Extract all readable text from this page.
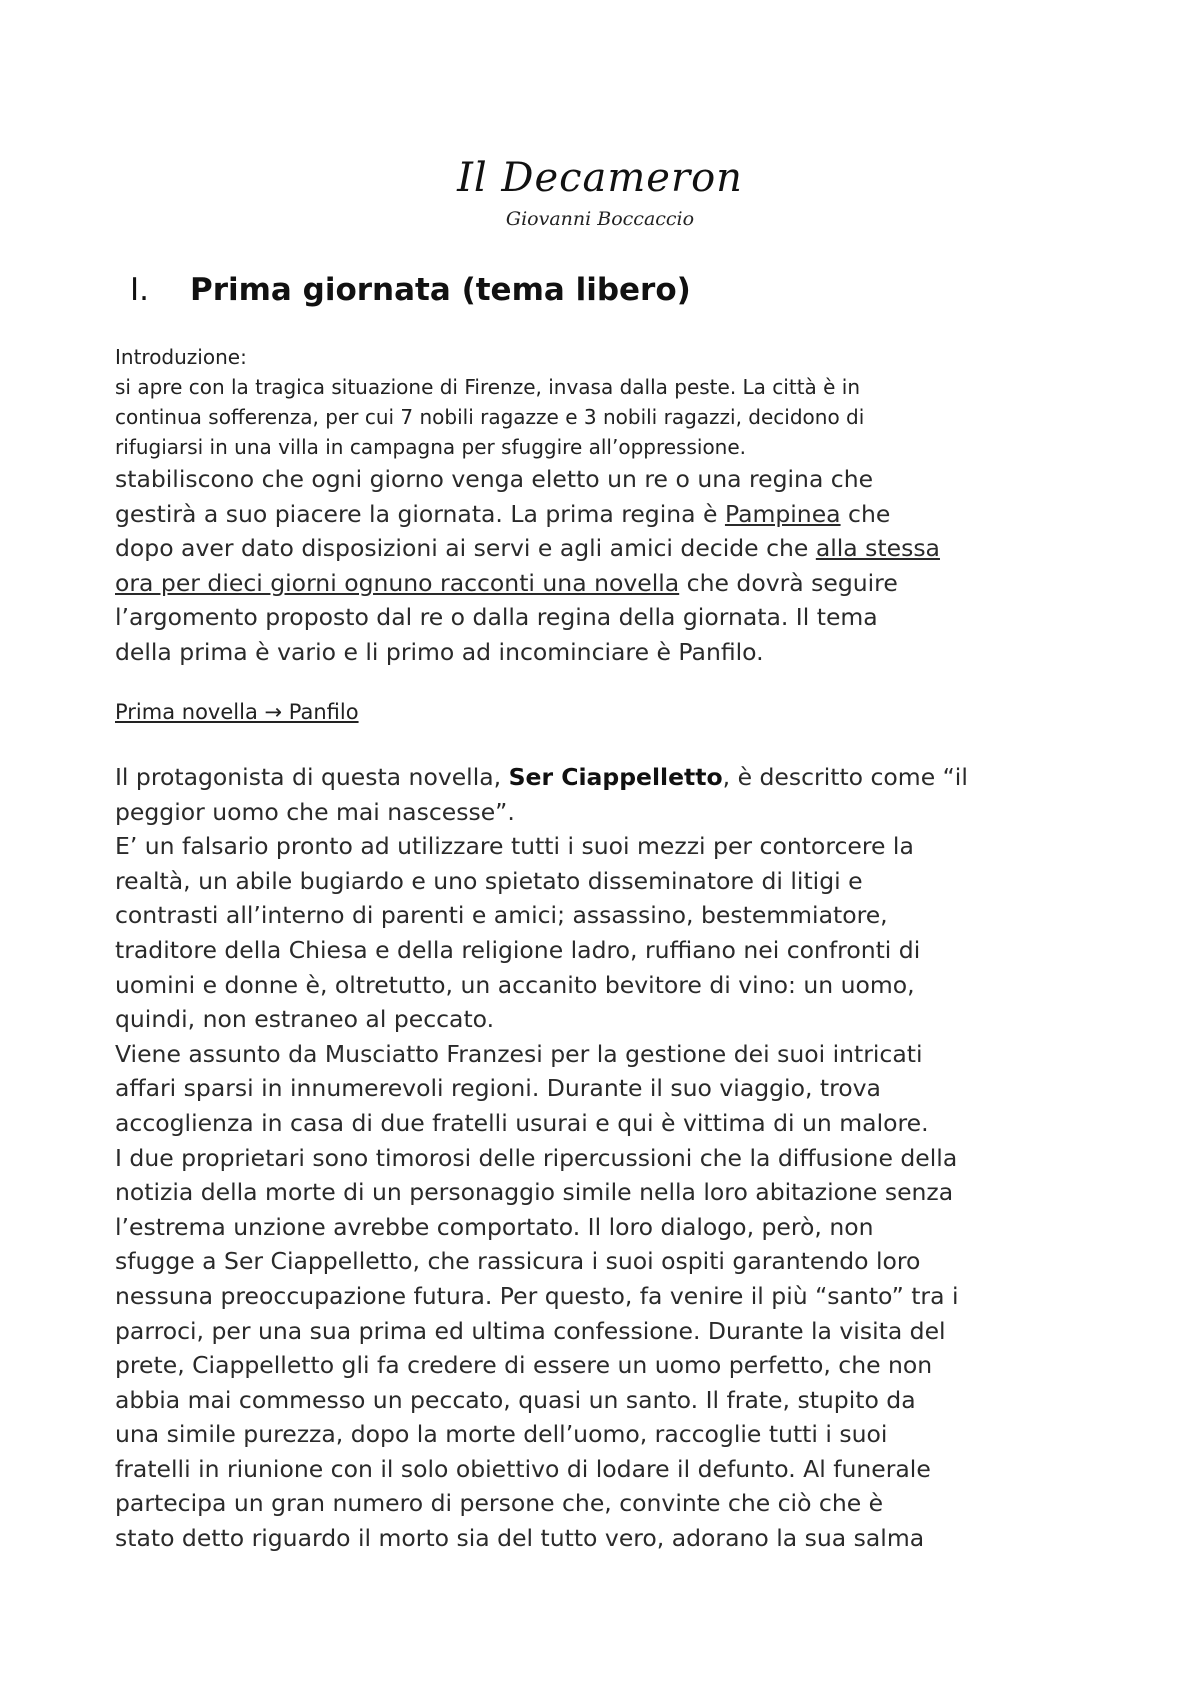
Il Decameron

Giovanni Boccaccio

I. Prima giornata (tema libero)

Introduzione:

si apre con la tragica situazione di Firenze, invasa dalla peste. La città è in

continua sofferenza, per cui 7 nobili ragazze e 3 nobili ragazzi, decidono di

rifugiarsi in una villa in campagna per sfuggire all’oppressione.

stabiliscono che ogni giorno venga eletto un re o una regina che

gestirà a suo piacere la giornata. La prima regina è Pampinea che

dopo aver dato disposizioni ai servi e agli amici decide che alla stessa

ora per dieci giorni ognuno racconti una novella che dovrà seguire

l’argomento proposto dal re o dalla regina della giornata. Il tema

della prima è vario e li primo ad incominciare è Panfilo.

Prima novella → Panfilo

Il protagonista di questa novella, Ser Ciappelletto, è descritto come “il

peggior uomo che mai nascesse”.

E’ un falsario pronto ad utilizzare tutti i suoi mezzi per contorcere la

realtà, un abile bugiardo e uno spietato disseminatore di litigi e

contrasti all’interno di parenti e amici; assassino, bestemmiatore,

traditore della Chiesa e della religione ladro, ruffiano nei confronti di

uomini e donne è, oltretutto, un accanito bevitore di vino: un uomo,

quindi, non estraneo al peccato.

Viene assunto da Musciatto Franzesi per la gestione dei suoi intricati

affari sparsi in innumerevoli regioni. Durante il suo viaggio, trova

accoglienza in casa di due fratelli usurai e qui è vittima di un malore.

I due proprietari sono timorosi delle ripercussioni che la diffusione della

notizia della morte di un personaggio simile nella loro abitazione senza

l’estrema unzione avrebbe comportato. Il loro dialogo, però, non

sfugge a Ser Ciappelletto, che rassicura i suoi ospiti garantendo loro

nessuna preoccupazione futura. Per questo, fa venire il più “santo” tra i

parroci, per una sua prima ed ultima confessione. Durante la visita del

prete, Ciappelletto gli fa credere di essere un uomo perfetto, che non

abbia mai commesso un peccato, quasi un santo. Il frate, stupito da

una simile purezza, dopo la morte dell’uomo, raccoglie tutti i suoi

fratelli in riunione con il solo obiettivo di lodare il defunto. Al funerale

partecipa un gran numero di persone che, convinte che ciò che è

stato detto riguardo il morto sia del tutto vero, adorano la sua salma
